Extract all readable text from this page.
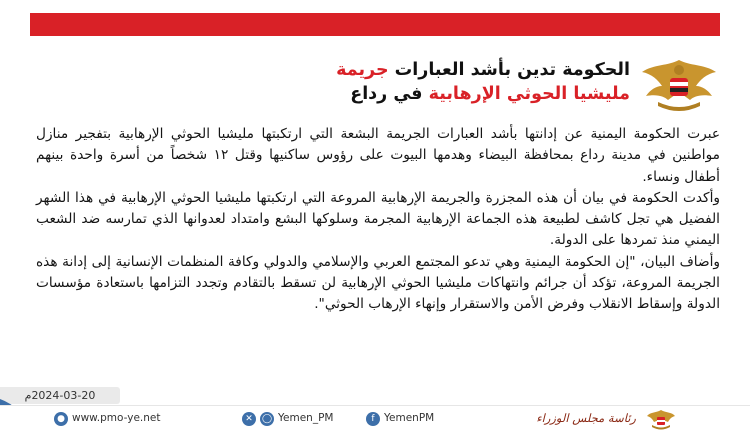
الحكومة تدين بأشد العبارات جريمة
مليشيا الحوثي الإرهابية في رداع

عبرت الحكومة اليمنية عن إدانتها بأشد العبارات الجريمة البشعة التي ارتكبتها مليشيا الحوثي الإرهابية بتفجير منازل مواطنين في مدينة رداع بمحافظة البيضاء وهدمها البيوت على رؤوس ساكنيها وقتل ١٢ شخصاً من أسرة واحدة بينهم أطفال ونساء.

وأكدت الحكومة في بيان أن هذه المجزرة والجريمة الإرهابية المروعة التي ارتكبتها مليشيا الحوثي الإرهابية في هذا الشهر الفضيل هي تجل كاشف لطبيعة هذه الجماعة الإرهابية المجرمة وسلوكها البشع وامتداد لعدوانها الذي تمارسه ضد الشعب اليمني منذ تمردها على الدولة.

وأضاف البيان، "إن الحكومة اليمنية وهي تدعو المجتمع العربي والإسلامي والدولي وكافة المنظمات الإنسانية إلى إدانة هذه الجريمة المروعة، تؤكد أن جرائم وانتهاكات مليشيا الحوثي الإرهابية لن تسقط بالتقادم وتجدد التزامها باستعادة مؤسسات الدولة وإسقاط الانقلاب وفرض الأمن والاستقرار وإنهاء الإرهاب الحوثي".

2024-03-20م
● www.pmo-ye.net	✕	◯ Yemen_PM	f YemenPM	رئاسة مجلس الوزراء
